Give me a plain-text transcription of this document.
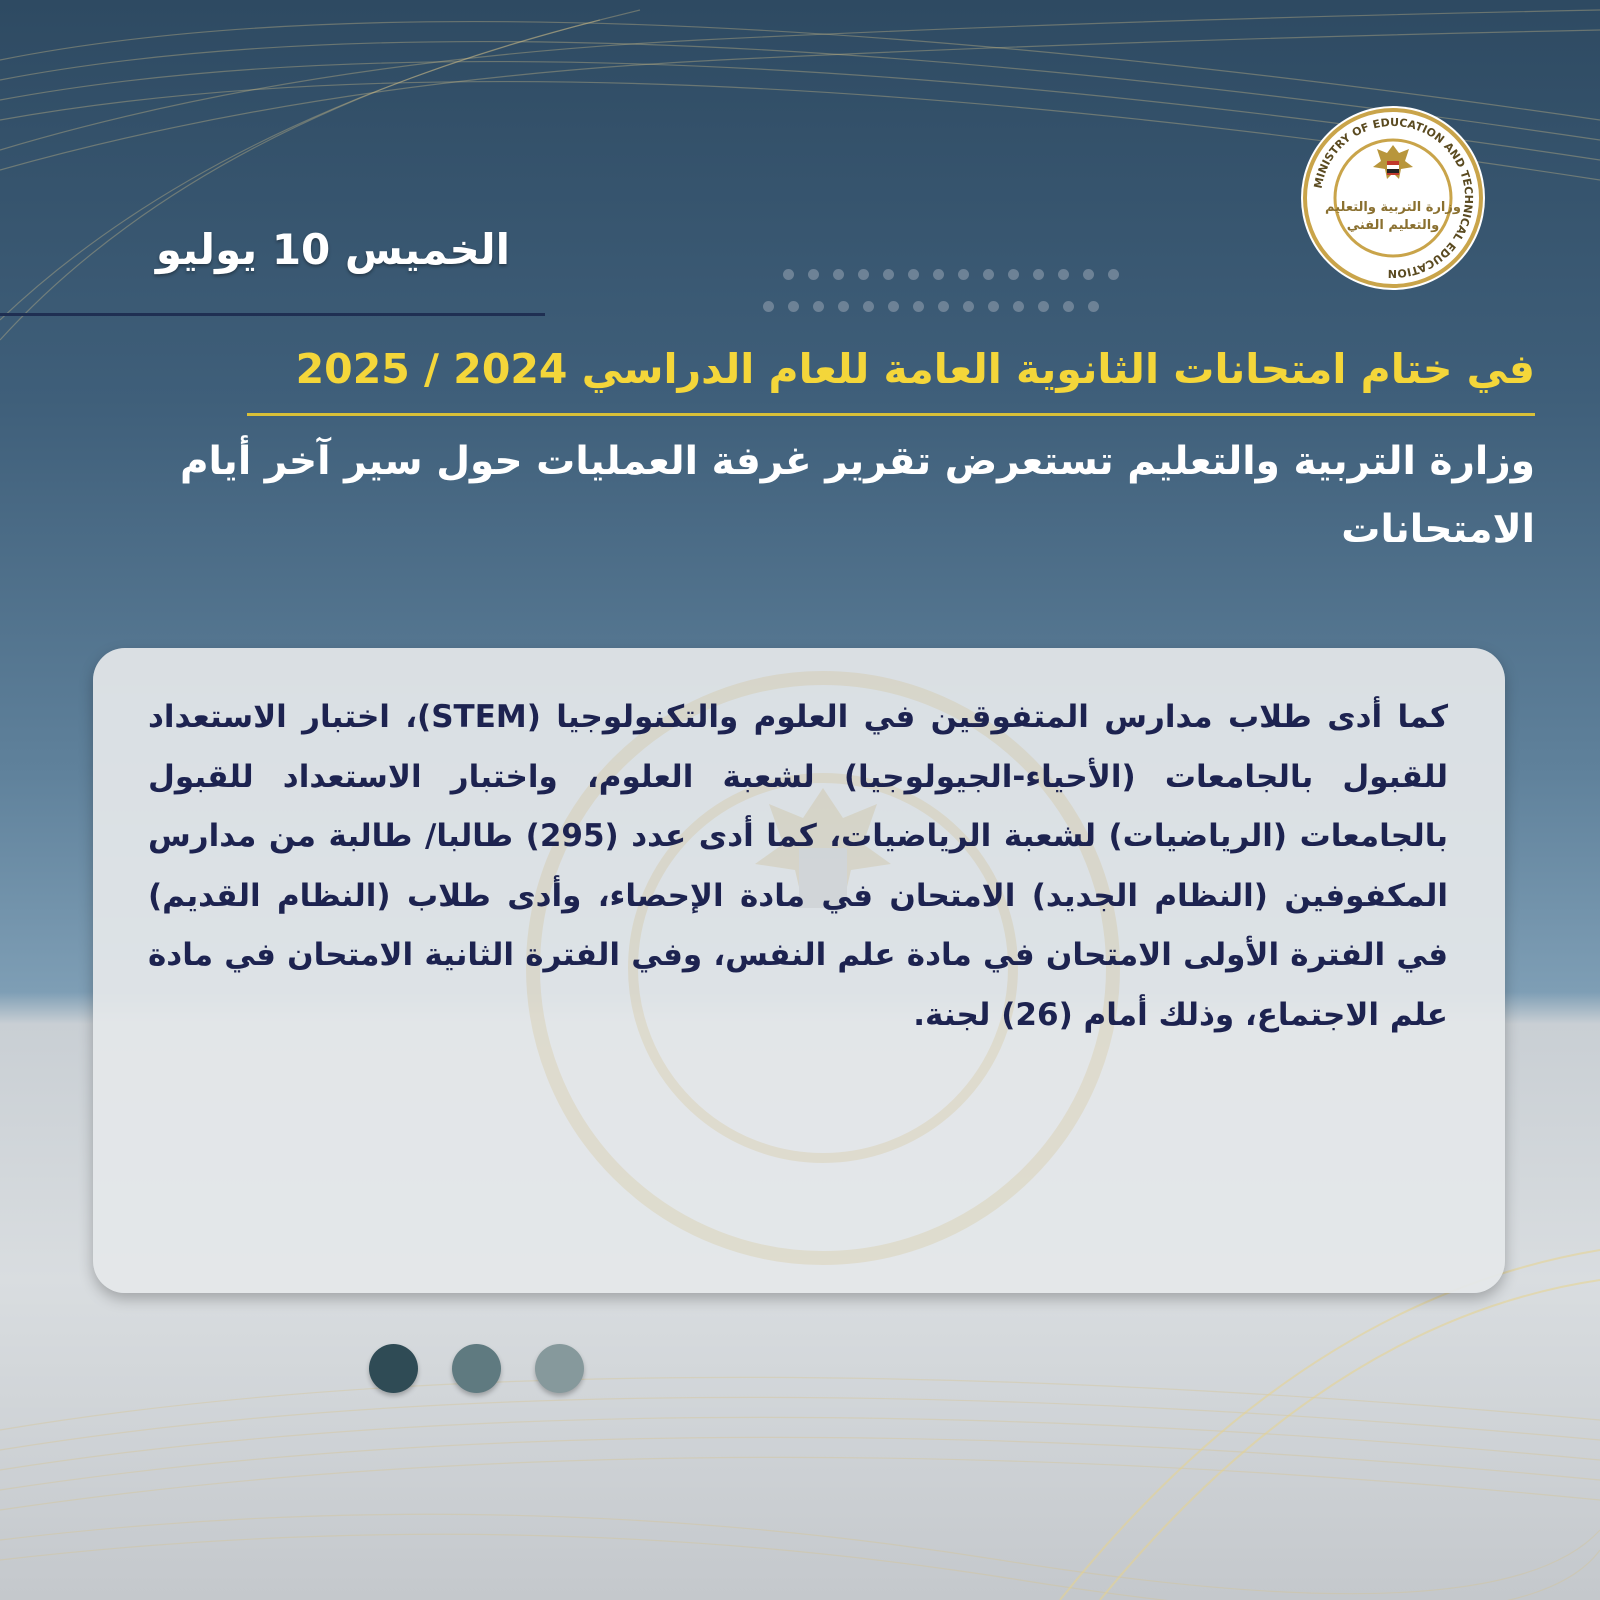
MINISTRY OF EDUCATION AND TECHNICAL EDUCATION
وزارة التربية والتعليم
والتعليم الفني
الخميس 10 يوليو
في ختام امتحانات الثانوية العامة للعام الدراسي 2024 / 2025
وزارة التربية والتعليم تستعرض تقرير غرفة العمليات حول سير آخر أيام الامتحانات
كما أدى طلاب مدارس المتفوقين في العلوم والتكنولوجيا (STEM)، اختبار الاستعداد للقبول بالجامعات (الأحياء-الجيولوجيا) لشعبة العلوم، واختبار الاستعداد للقبول بالجامعات (الرياضيات) لشعبة الرياضيات، كما أدى عدد (295) طالبا/ طالبة من مدارس المكفوفين (النظام الجديد) الامتحان في مادة الإحصاء، وأدى طلاب (النظام القديم) في الفترة الأولى الامتحان في مادة علم النفس، وفي الفترة الثانية الامتحان في مادة علم الاجتماع، وذلك أمام (26) لجنة.
